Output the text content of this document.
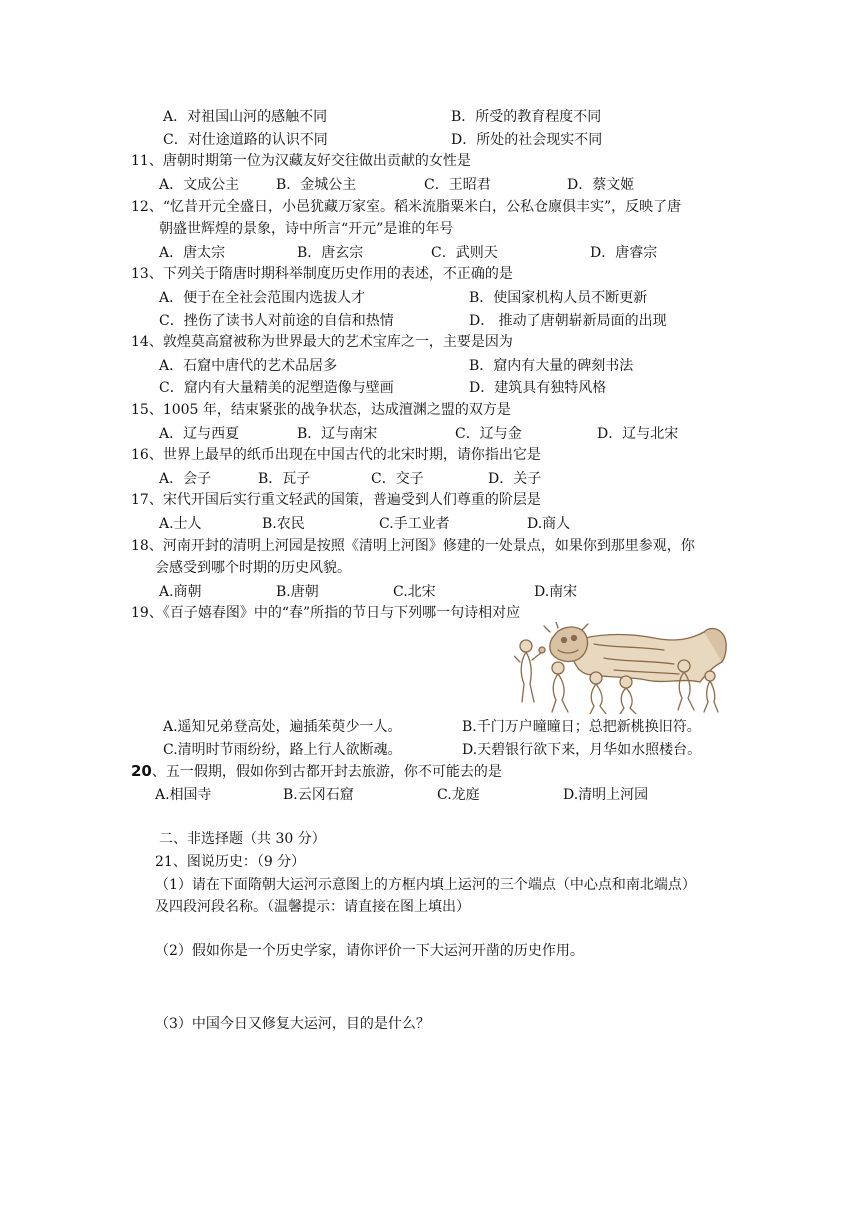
A．对祖国山河的感触不同	B．所受的教育程度不同
C．对仕途道路的认识不同	D．所处的社会现实不同
11、唐朝时期第一位为汉藏友好交往做出贡献的女性是
A．文成公主	B．金城公主	C．王昭君	D．蔡文姬
12、“忆昔开元全盛日，小邑犹藏万家室。稻米流脂粟米白，公私仓廪俱丰实”，反映了唐
朝盛世辉煌的景象，诗中所言“开元”是谁的年号
A．唐太宗	B．唐玄宗	C．武则天	D．唐睿宗
13、下列关于隋唐时期科举制度历史作用的表述，不正确的是
A．便于在全社会范围内选拔人才	B．使国家机构人员不断更新
C．挫伤了读书人对前途的自信和热情	D． 推动了唐朝崭新局面的出现
14、敦煌莫高窟被称为世界最大的艺术宝库之一，主要是因为
A．石窟中唐代的艺术品居多	B．窟内有大量的碑刻书法
C．窟内有大量精美的泥塑造像与壁画	D．建筑具有独特风格
15、1005 年，结束紧张的战争状态，达成澶渊之盟的双方是
A．辽与西夏	B．辽与南宋	C．辽与金	D．辽与北宋
16、世界上最早的纸币出现在中国古代的北宋时期，请你指出它是
A．会子	B．瓦子	C．交子	D．关子
17、宋代开国后实行重文轻武的国策，普遍受到人们尊重的阶层是
A.士人	B.农民	C.手工业者	D.商人
18、河南开封的清明上河园是按照《清明上河图》修建的一处景点，如果你到那里参观，你
会感受到哪个时期的历史风貌。
A.商朝	B.唐朝	C.北宋	D.南宋
19、《百子嬉春图》中的“春”所指的节日与下列哪一句诗相对应
A.遥知兄弟登高处，遍插茱萸少一人。	B.千门万户曈曈日；总把新桃换旧符。
C.清明时节雨纷纷，路上行人欲断魂。	D.天碧银行欲下来，月华如水照楼台。
20、五一假期，假如你到古都开封去旅游，你不可能去的是
A.相国寺	B.云冈石窟	C.龙庭	D.清明上河园
二、非选择题（共 30 分）
21、图说历史：（9 分）
（1）请在下面隋朝大运河示意图上的方框内填上运河的三个端点（中心点和南北端点）
及四段河段名称。（温馨提示：请直接在图上填出）
（2）假如你是一个历史学家，请你评价一下大运河开凿的历史作用。
（3）中国今日又修复大运河，目的是什么？
